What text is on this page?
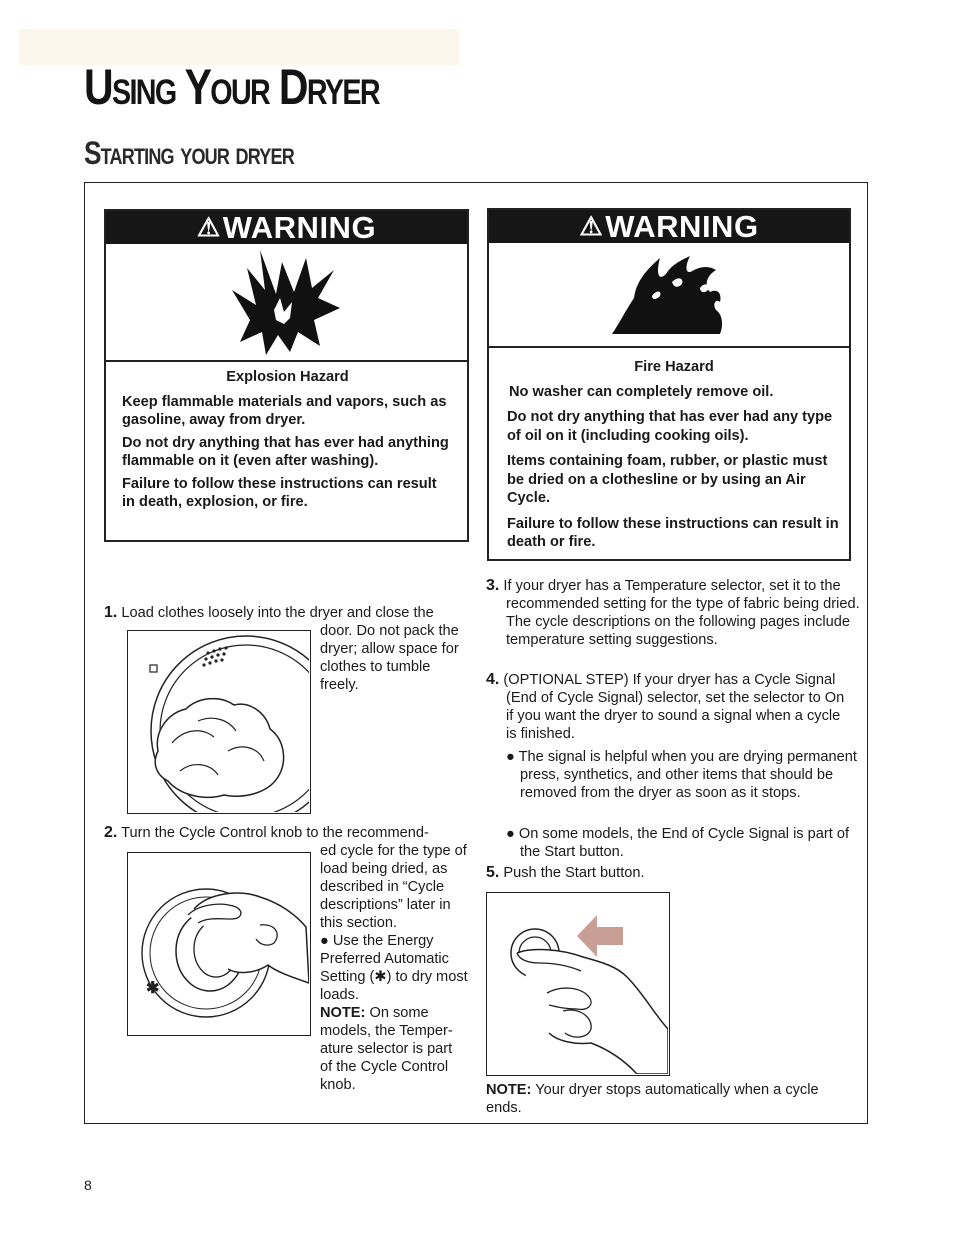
Using Your Dryer
Starting your dryer
⚠ WARNING
Explosion Hazard

Keep flammable materials and vapors, such as gasoline, away from dryer.

Do not dry anything that has ever had anything flammable on it (even after washing).

Failure to follow these instructions can result in death, explosion, or fire.

⚠ WARNING
Fire Hazard

No washer can completely remove oil.

Do not dry anything that has ever had any type of oil on it (including cooking oils).

Items containing foam, rubber, or plastic must be dried on a clothesline or by using an Air Cycle.

Failure to follow these instructions can result in death or fire.

1. Load clothes loosely into the dryer and close the
door. Do not pack the dryer; allow space for clothes to tumble freely.
2. Turn the Cycle Control knob to the recommend-
ed cycle for the type of load being dried, as described in “Cycle descriptions” later in this section.
● Use the Energy Preferred Automatic Setting (✱) to dry most loads.
NOTE: On some models, the Temper-ature selector is part of the Cycle Control knob.
✱
3. If your dryer has a Temperature selector, set it to the recommended setting for the type of fabric being dried. The cycle descriptions on the following pages include temperature setting suggestions.
4. (OPTIONAL STEP) If your dryer has a Cycle Signal (End of Cycle Signal) selector, set the selector to On if you want the dryer to sound a signal when a cycle is finished.
● The signal is helpful when you are drying permanent press, synthetics, and other items that should be removed from the dryer as soon as it stops.
● On some models, the End of Cycle Signal is part of the Start button.
5. Push the Start button.
NOTE: Your dryer stops automatically when a cycle ends.
8
